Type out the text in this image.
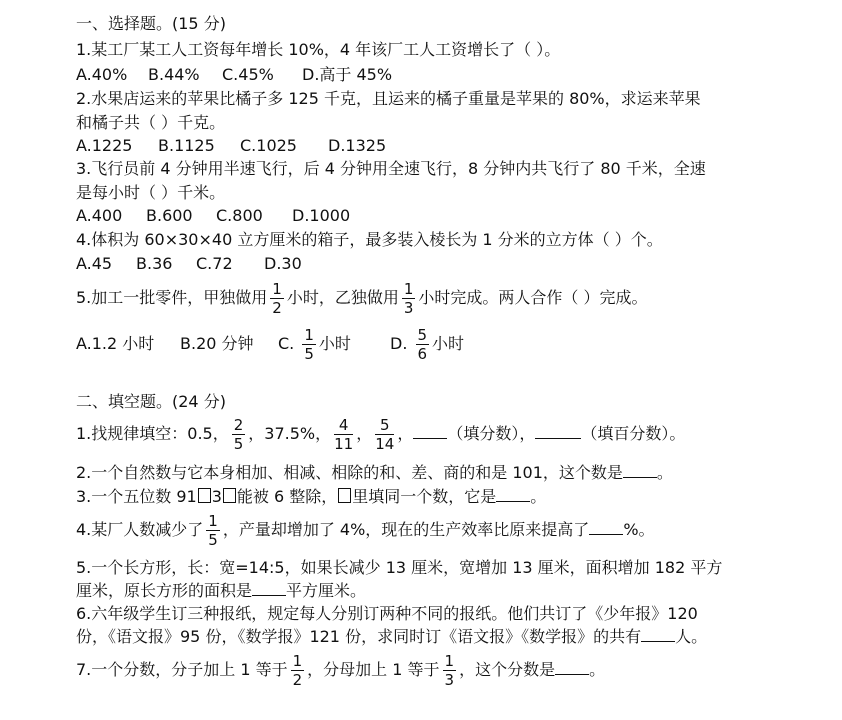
一、选择题。(15 分)
1.某工厂某工人工资每年增长 10%，4 年该厂工人工资增长了（ ）。
A.40% B.44% C.45% D.高于 45%
2.水果店运来的苹果比橘子多 125 千克，且运来的橘子重量是苹果的 80%，求运来苹果
和橘子共（ ）千克。
A.1225 B.1125 C.1025 D.1325
3.飞行员前 4 分钟用半速飞行，后 4 分钟用全速飞行，8 分钟内共飞行了 80 千米，全速
是每小时（ ）千米。
A.400 B.600 C.800 D.1000
4.体积为 60×30×40 立方厘米的箱子，最多装入棱长为 1 分米的立方体（ ）个。
A.45 B.36 C.72 D.30
5.加工一批零件，甲独做用 $\frac{1}{2}$ 小时，乙独做用 $\frac{1}{3}$ 小时完成。两人合作（ ）完成。
A.1.2 小时 B.20 分钟 C. $\frac{1}{5}$ 小时 D. $\frac{5}{6}$ 小时
二、填空题。(24 分)
1.找规律填空：0.5， $\frac{2}{5}$ ，37.5%， $\frac{4}{11}$ ， $\frac{5}{14}$ ， （填分数），	（填百分数）。
2.一个自然数与它本身相加、相减、相除的和、差、商的和是 101，这个数是 。
3.一个五位数 91 3 能被 6 整除， 里填同一个数，它是 。
4.某厂人数减少了 $\frac{1}{5}$ ，产量却增加了 4%，现在的生产效率比原来提高了 %。
5.一个长方形，长：宽=14:5，如果长减少 13 厘米，宽增加 13 厘米，面积增加 182 平方
厘米，原长方形的面积是 平方厘米。
6.六年级学生订三种报纸，规定每人分别订两种不同的报纸。他们共订了《少年报》120
份，《语文报》95 份，《数学报》121 份，求同时订《语文报》《数学报》的共有 人。
7.一个分数，分子加上 1 等于 $\frac{1}{2}$ ，分母加上 1 等于 $\frac{1}{3}$ ，这个分数是 。
